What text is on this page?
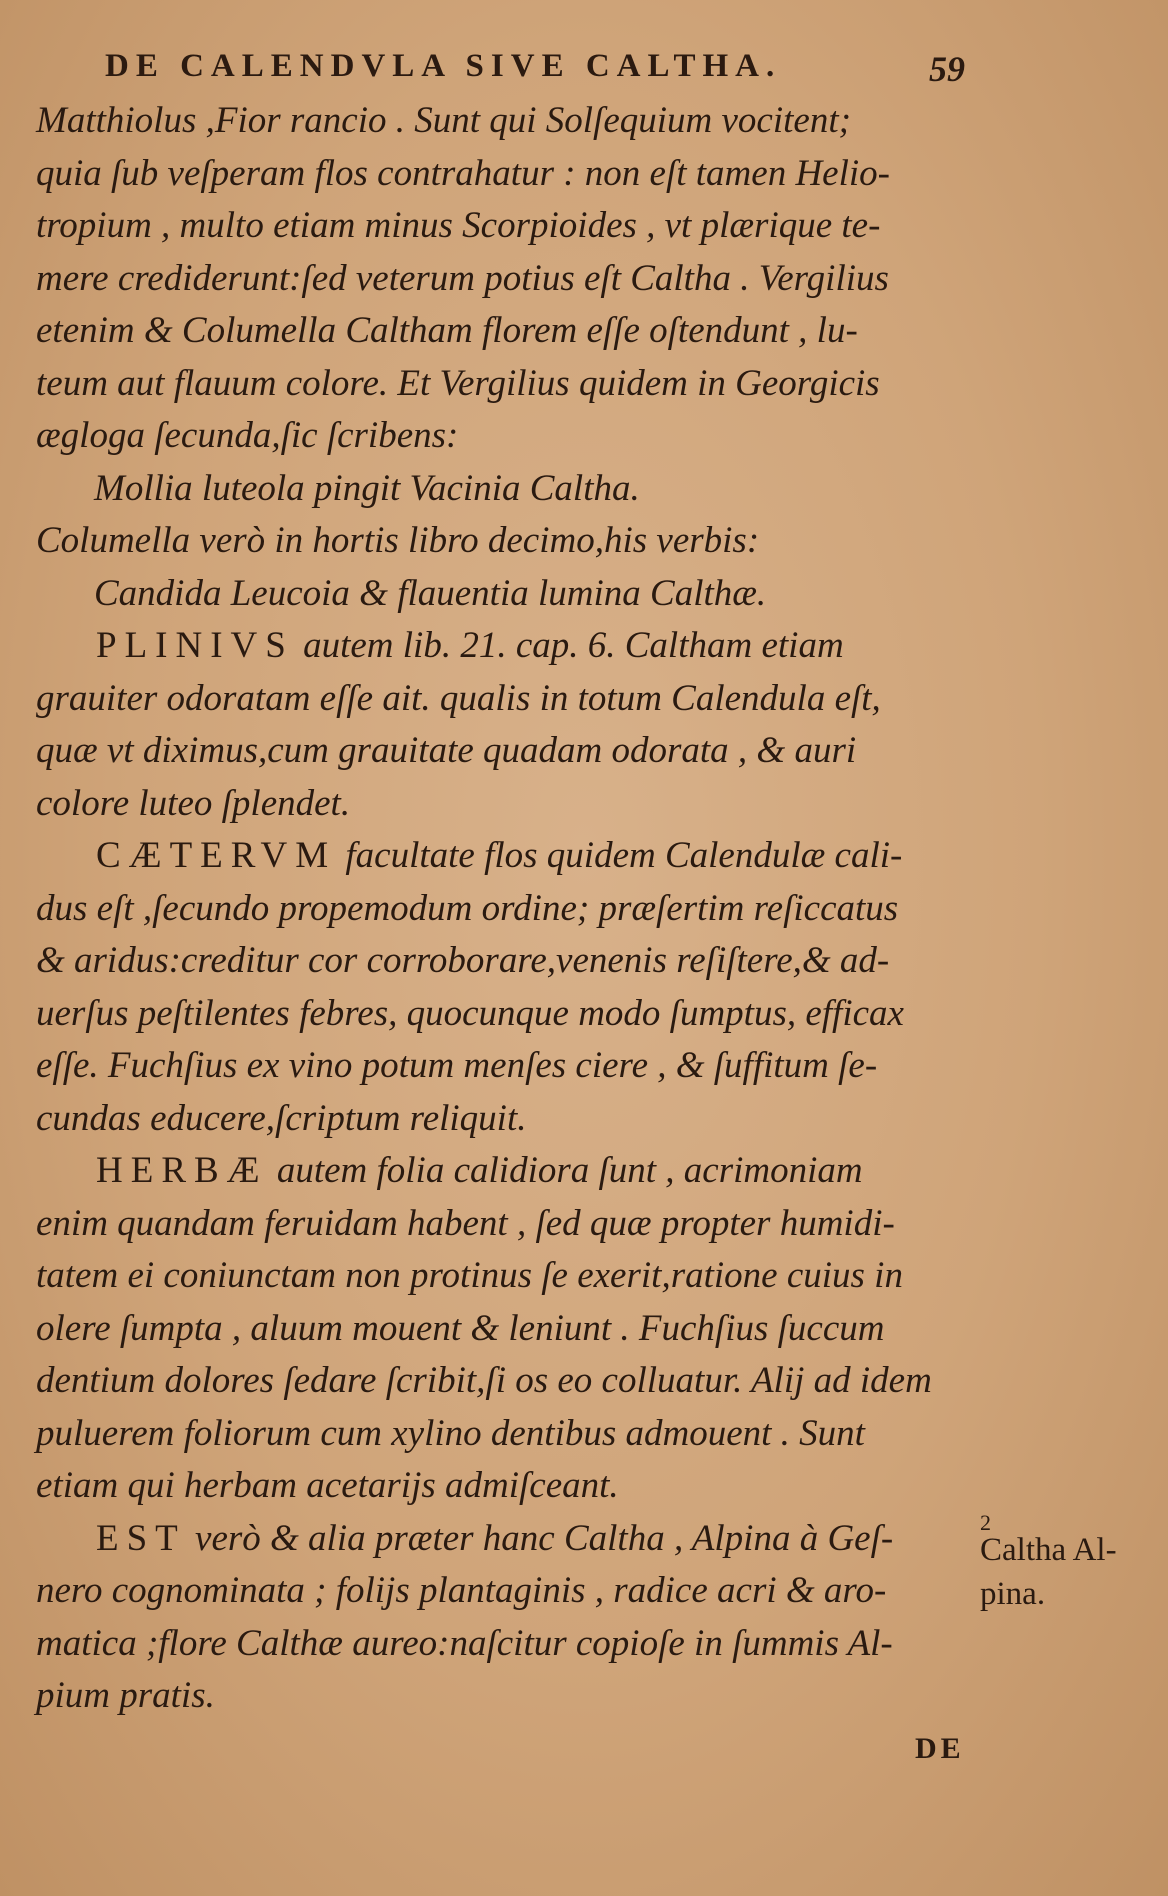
DE CALENDVLA SIVE CALTHA.	59
Matthiolus ,Fior rancio . Sunt qui Solſequium vocitent;
quia ſub veſperam flos contrahatur : non eſt tamen Helio-
tropium , multo etiam minus Scorpioides , vt plærique te-
mere crediderunt:ſed veterum potius eſt Caltha . Vergilius
etenim & Columella Caltham florem eſſe oſtendunt , lu-
teum aut flauum colore. Et Vergilius quidem in Georgicis
ægloga ſecunda,ſic ſcribens:
Mollia luteola pingit Vacinia Caltha.
Columella verò in hortis libro decimo,his verbis:
Candida Leucoia & flauentia lumina Calthæ.
PLINIVS autem lib. 21. cap. 6. Caltham etiam
grauiter odoratam eſſe ait. qualis in totum Calendula eſt,
quæ vt diximus,cum grauitate quadam odorata , & auri
colore luteo ſplendet.
CÆTERVM facultate flos quidem Calendulæ cali-
dus eſt ,ſecundo propemodum ordine; præſertim reſiccatus
& aridus:creditur cor corroborare,venenis reſiſtere,& ad-
uerſus peſtilentes febres, quocunque modo ſumptus, efficax
eſſe. Fuchſius ex vino potum menſes ciere , & ſuffitum ſe-
cundas educere,ſcriptum reliquit.
HERBÆ autem folia calidiora ſunt , acrimoniam
enim quandam feruidam habent , ſed quæ propter humidi-
tatem ei coniunctam non protinus ſe exerit,ratione cuius in
olere ſumpta , aluum mouent & leniunt . Fuchſius ſuccum
dentium dolores ſedare ſcribit,ſi os eo colluatur. Alij ad idem
puluerem foliorum cum xylino dentibus admouent . Sunt
etiam qui herbam acetarijs admiſceant.
EST verò & alia præter hanc Caltha , Alpina à Geſ-
nero cognominata ; folijs plantaginis , radice acri & aro-
matica ;flore Calthæ aureo:naſcitur copioſe in ſummis Al-
pium pratis.
2
Caltha Al-
pina.
DE
